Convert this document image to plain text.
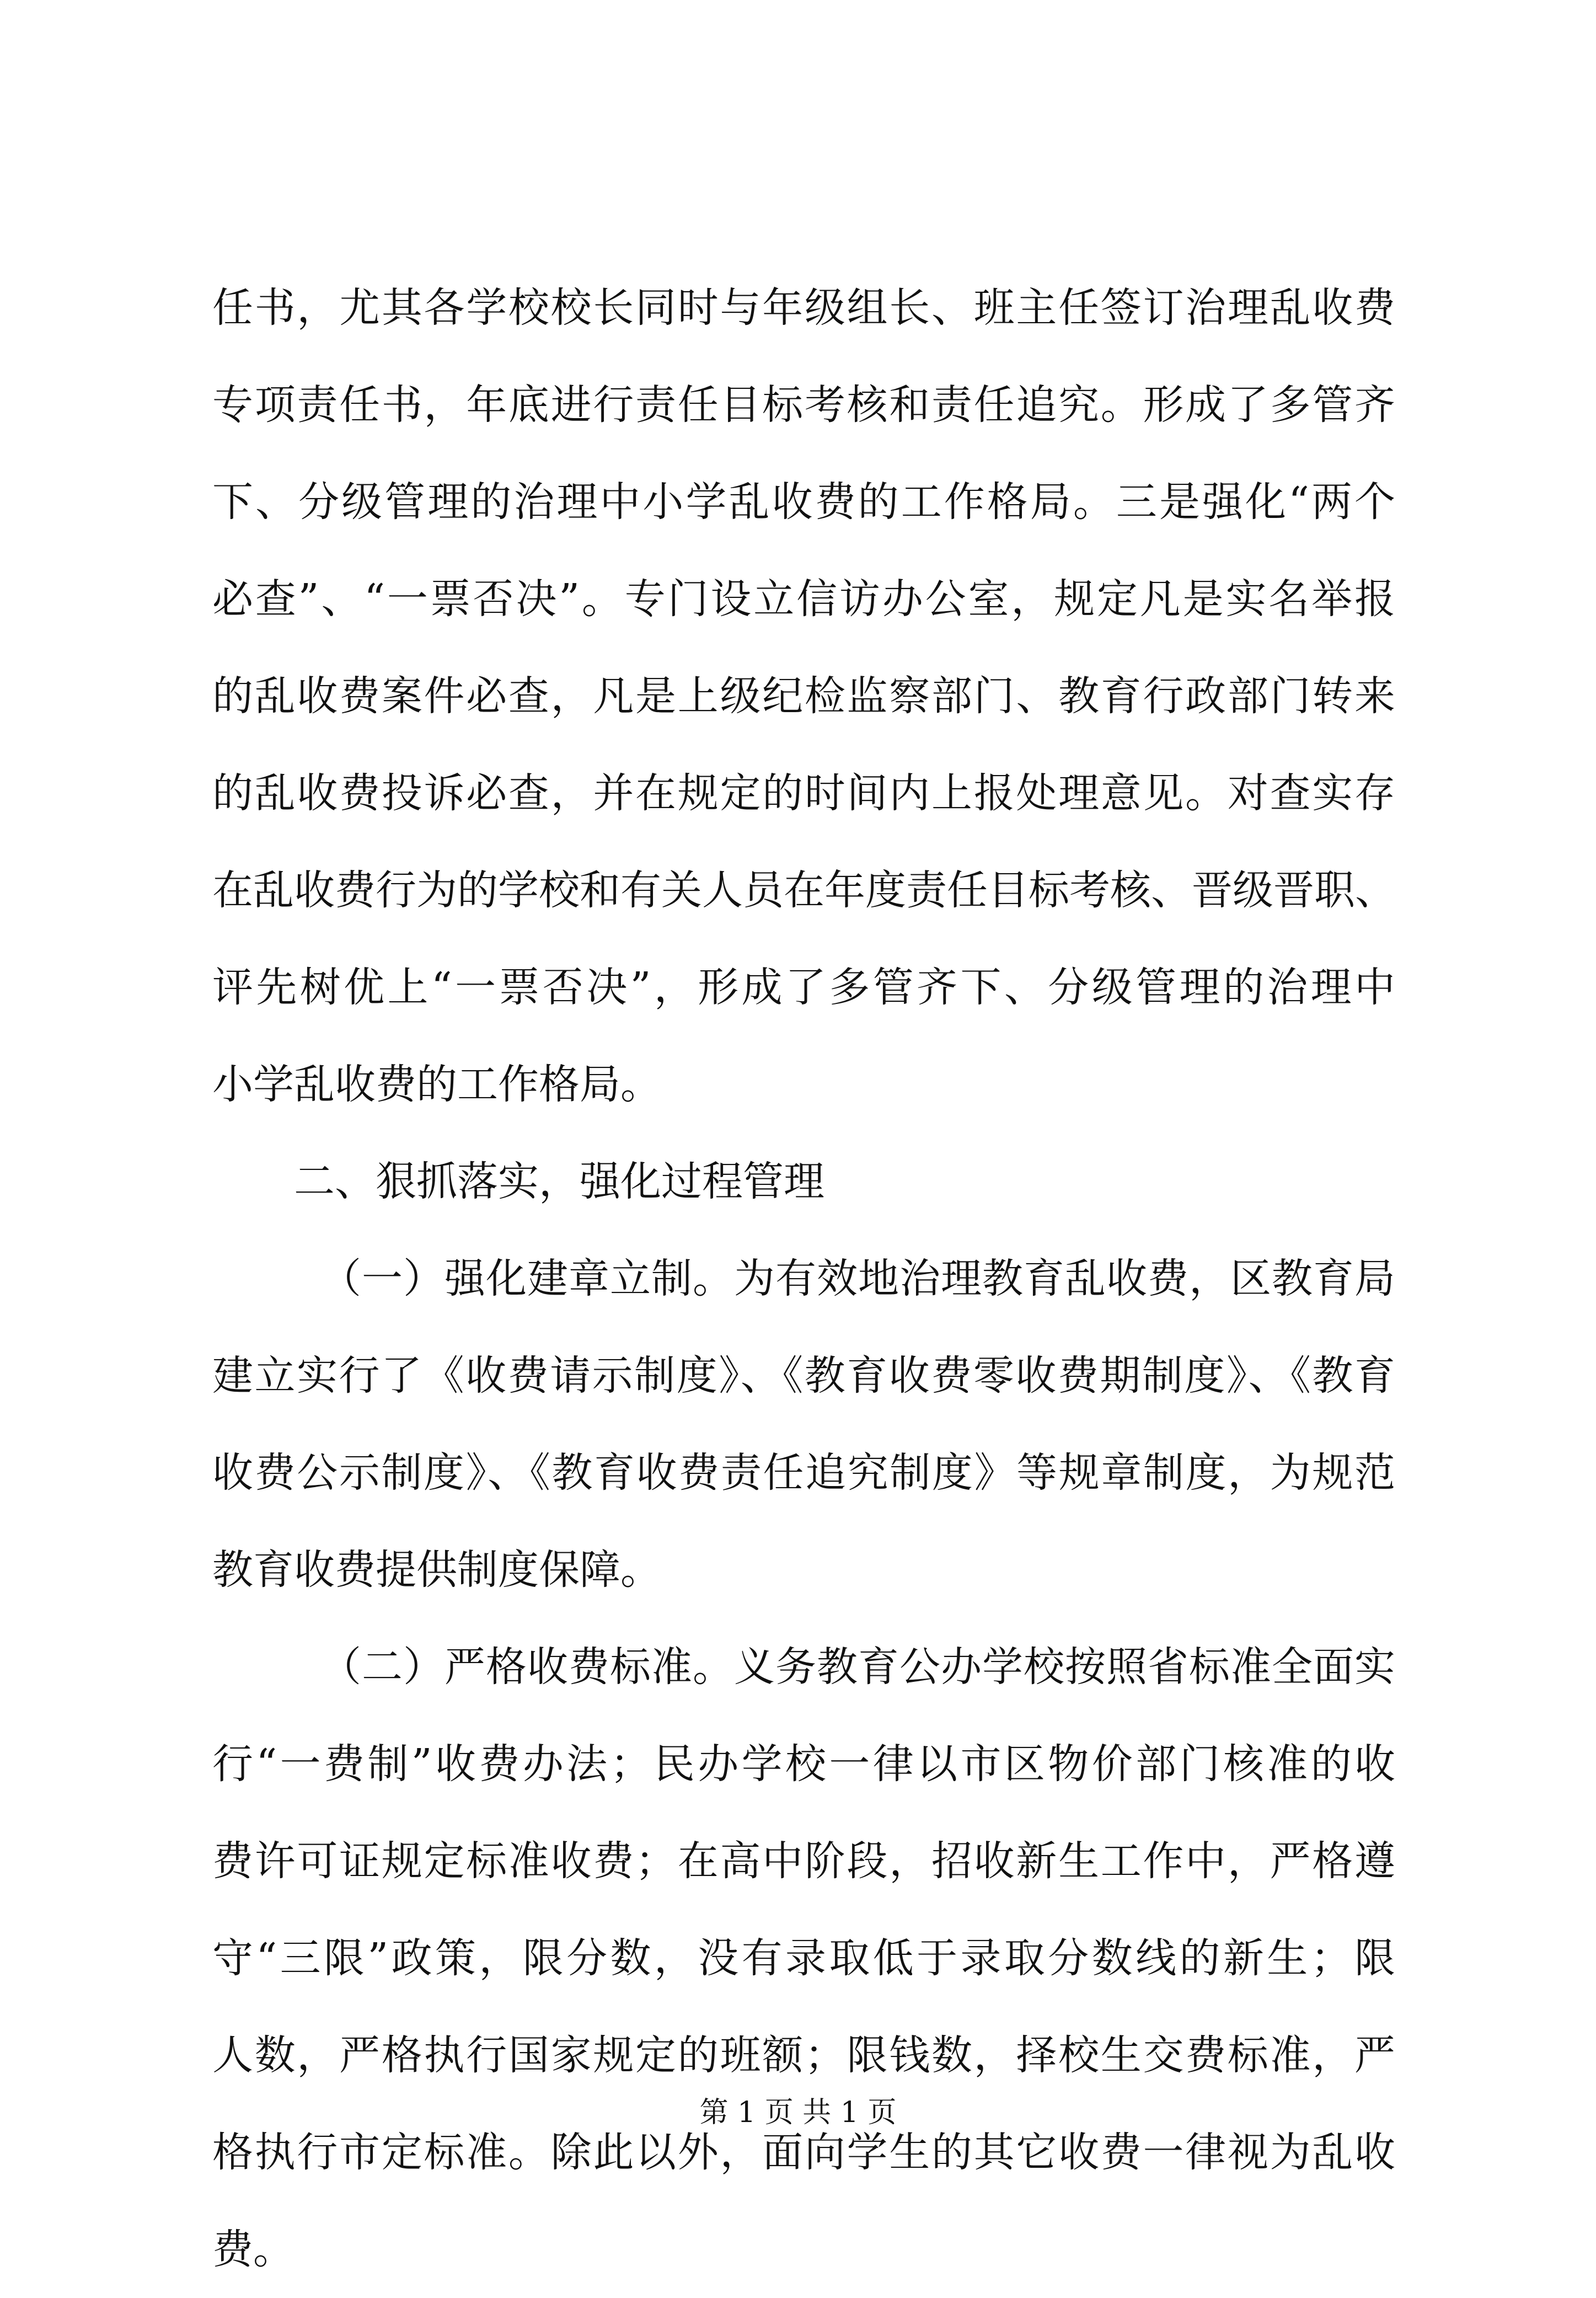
任书，尤其各学校校长同时与年级组长、班主任签订治理乱收费
专项责任书，年底进行责任目标考核和责任追究。形成了多管齐
下、分级管理的治理中小学乱收费的工作格局。三是强化“两个
必查”、“一票否决”。专门设立信访办公室，规定凡是实名举报
的乱收费案件必查，凡是上级纪检监察部门、教育行政部门转来
的乱收费投诉必查，并在规定的时间内上报处理意见。对查实存
在乱收费行为的学校和有关人员在年度责任目标考核、晋级晋职、
评先树优上“一票否决”，形成了多管齐下、分级管理的治理中
小学乱收费的工作格局。
二、狠抓落实，强化过程管理
（一）强化建章立制。为有效地治理教育乱收费，区教育局
建立实行了《收费请示制度》、《教育收费零收费期制度》、《教育
收费公示制度》、《教育收费责任追究制度》等规章制度，为规范
教育收费提供制度保障。
（二）严格收费标准。义务教育公办学校按照省标准全面实
行“一费制”收费办法；民办学校一律以市区物价部门核准的收
费许可证规定标准收费；在高中阶段，招收新生工作中，严格遵
守“三限”政策，限分数，没有录取低于录取分数线的新生；限
人数，严格执行国家规定的班额；限钱数，择校生交费标准，严
格执行市定标准。除此以外，面向学生的其它收费一律视为乱收
费。
第 1 页 共 1 页
